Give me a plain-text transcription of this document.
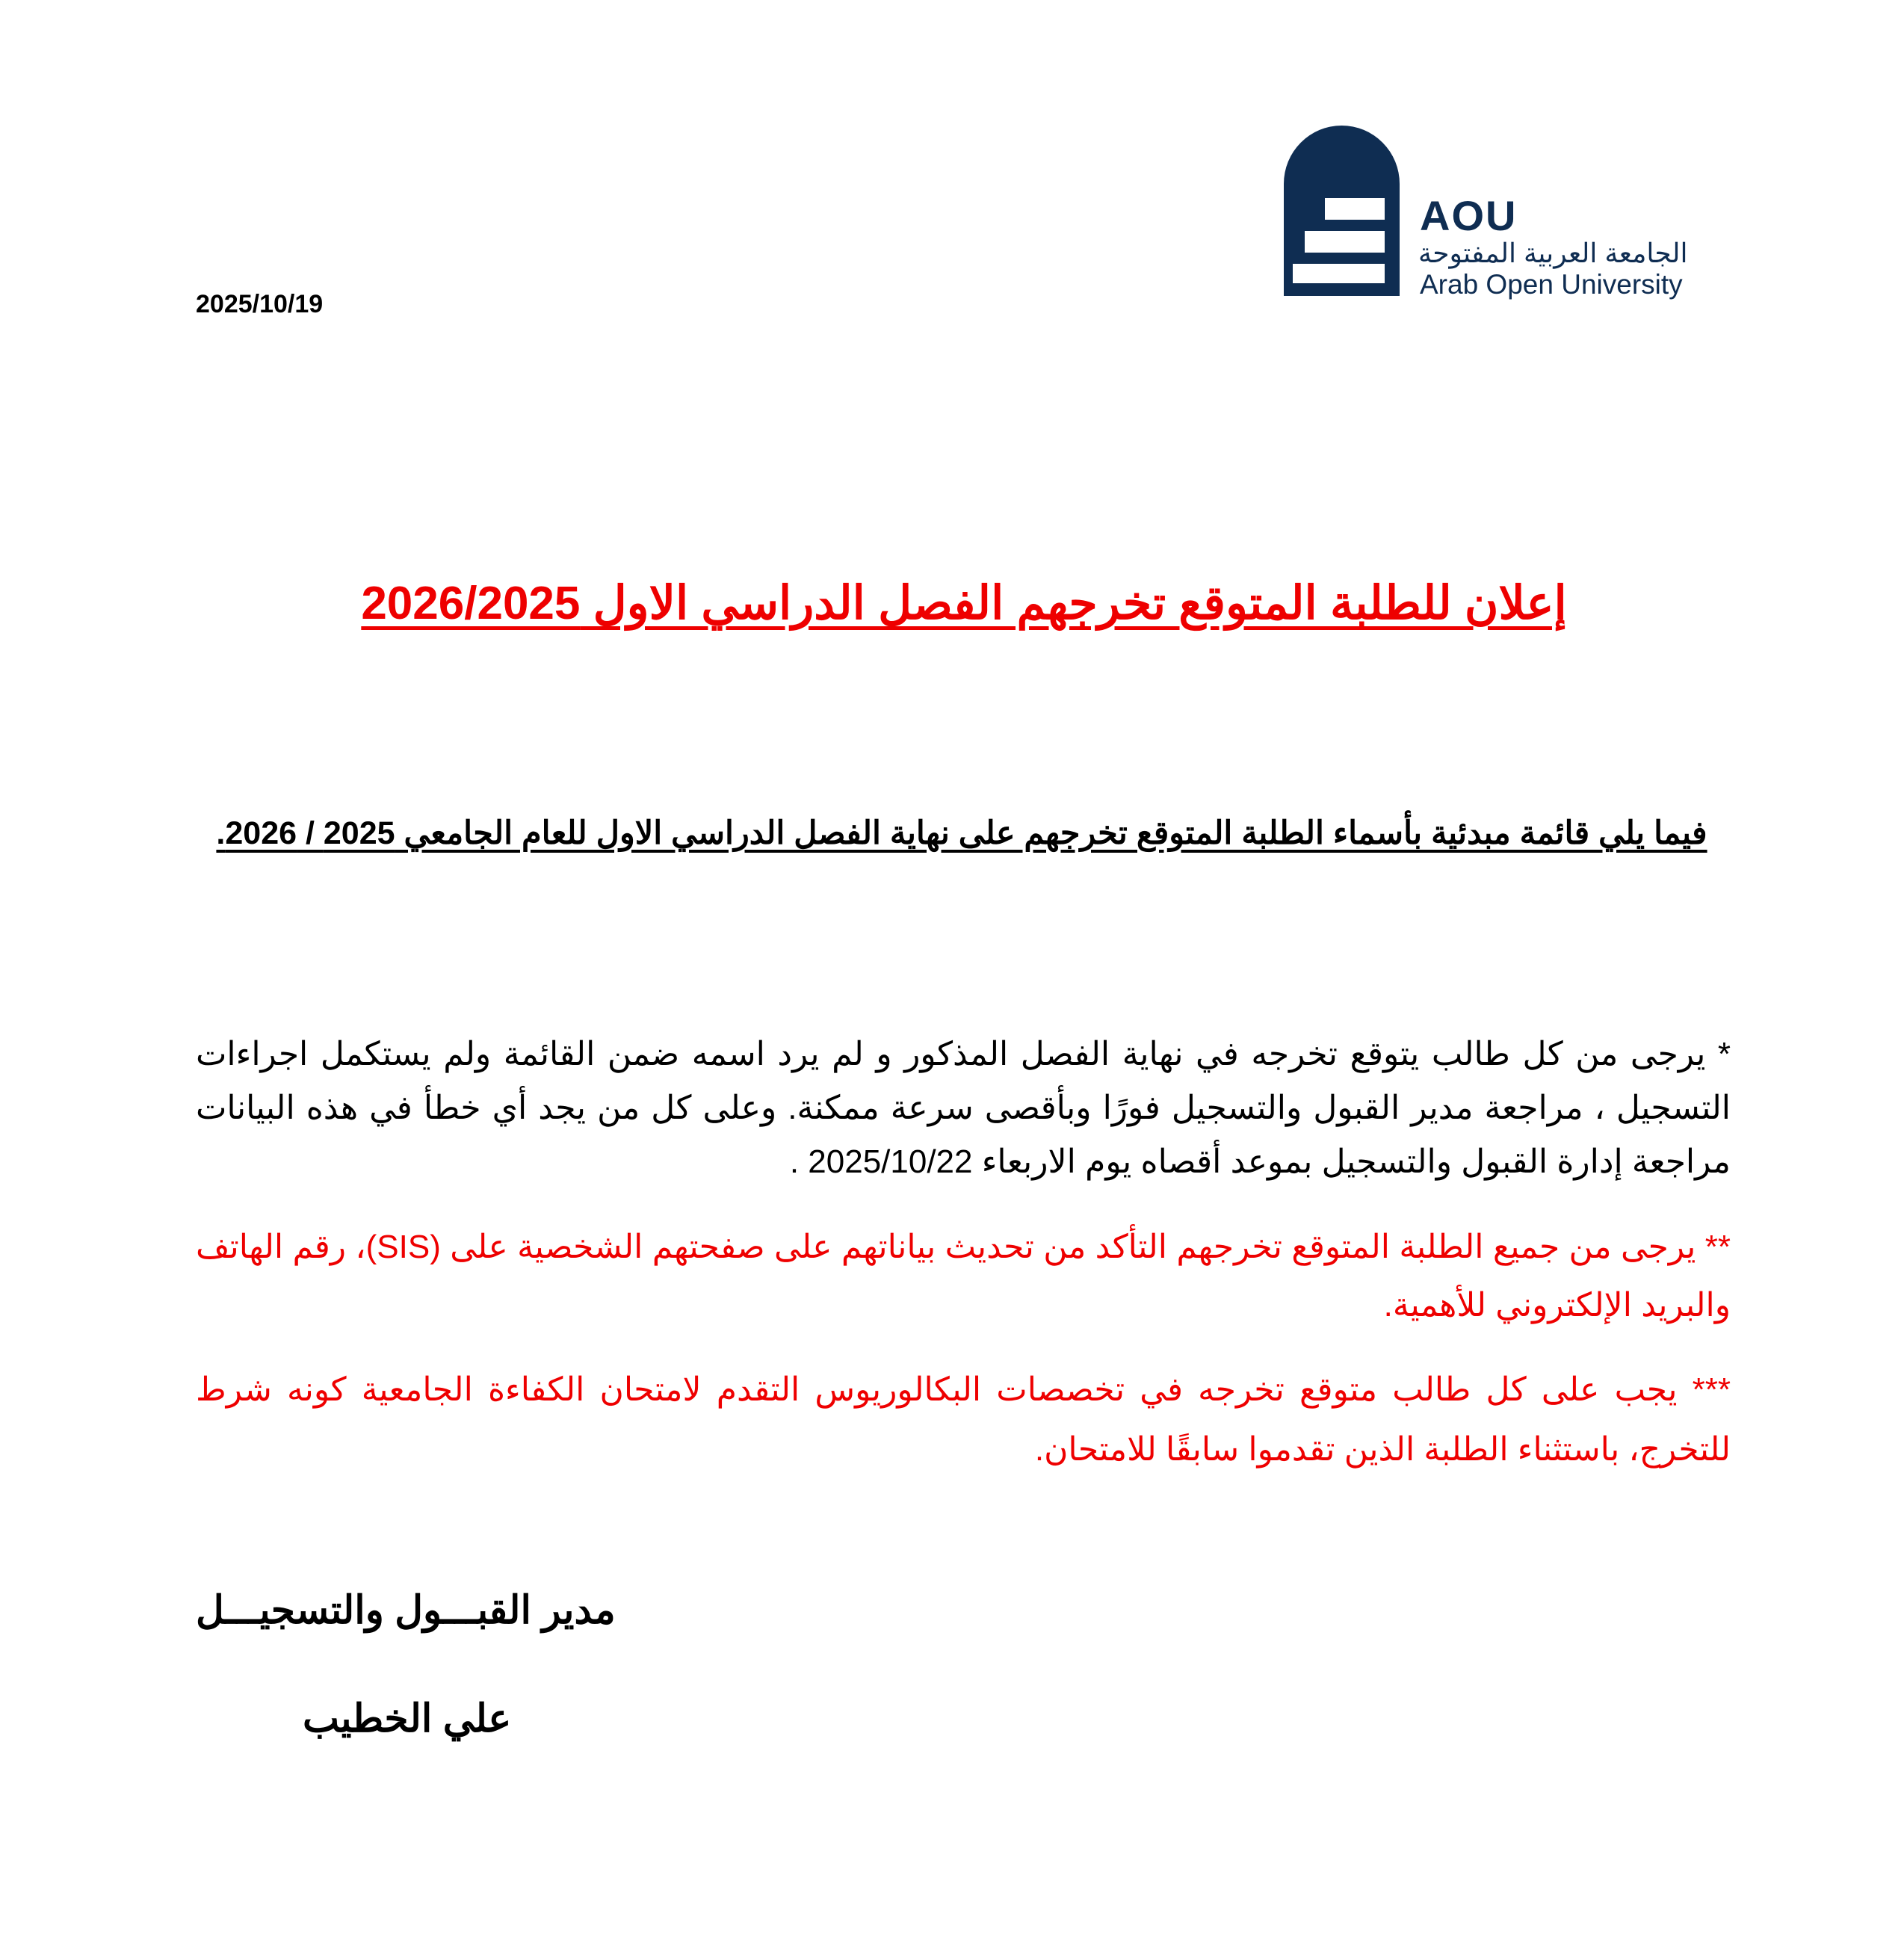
2025/10/19
AOU
الجامعة العربية المفتوحة
Arab Open University
إعلان للطلبة المتوقع تخرجهم الفصل الدراسي الاول 2026/2025
فيما يلي قائمة مبدئية بأسماء الطلبة المتوقع تخرجهم على نهاية الفصل الدراسي الاول للعام الجامعي 2025 / 2026.
* يرجى من كل طالب يتوقع تخرجه في نهاية الفصل المذكور و لم يرد اسمه ضمن القائمة ولم يستكمل اجراءات التسجيل ، مراجعة مدير القبول والتسجيل فورًا وبأقصى سرعة ممكنة. وعلى كل من يجد أي خطأ في هذه البيانات مراجعة إدارة القبول والتسجيل بموعد أقصاه يوم الاربعاء 2025/10/22 .
** يرجى من جميع الطلبة المتوقع تخرجهم التأكد من تحديث بياناتهم على صفحتهم الشخصية على (SIS)، رقم الهاتف والبريد الإلكتروني للأهمية.
*** يجب على كل طالب متوقع تخرجه في تخصصات البكالوريوس التقدم لامتحان الكفاءة الجامعية كونه شرط للتخرج، باستثناء الطلبة الذين تقدموا سابقًا للامتحان.
مدير القبـــول والتسجيـــل
علي الخطيب
